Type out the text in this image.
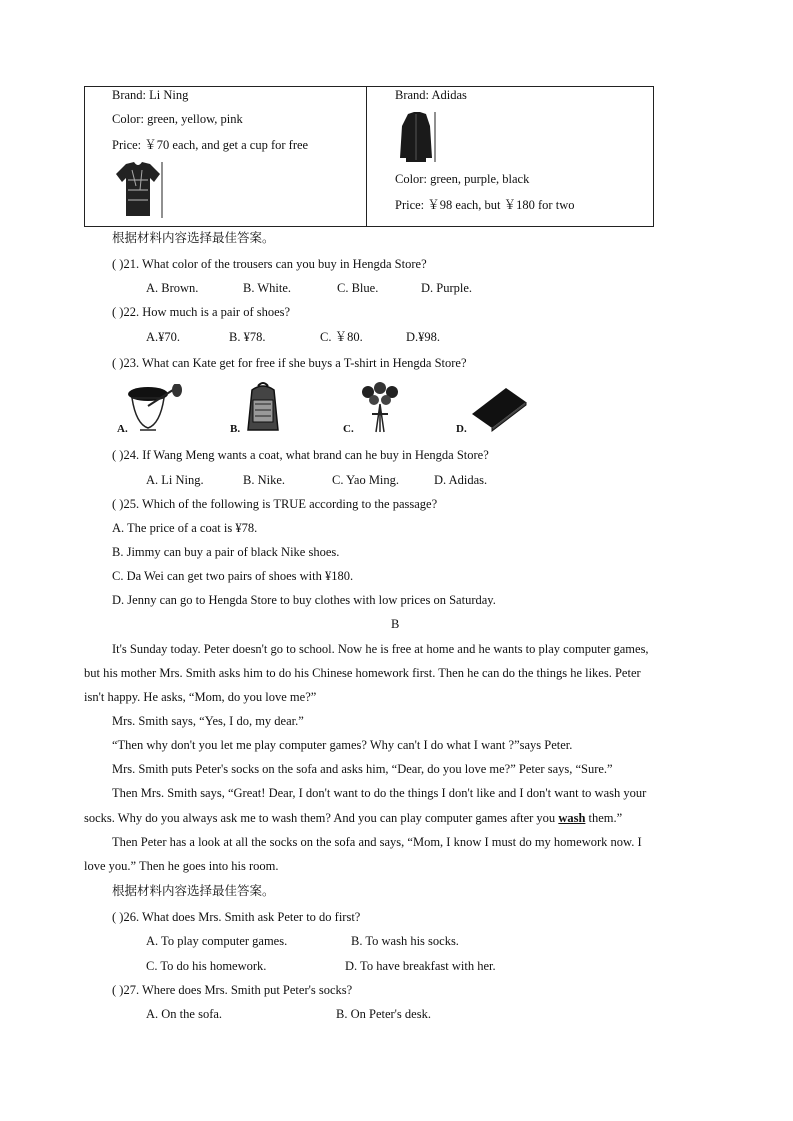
Brand: Li Ning
Color: green, yellow, pink
Price: ￥70 each, and get a cup for free
Brand: Adidas
Color: green, purple, black
Price: ￥98 each, but ￥180 for two
根据材料内容选择最佳答案。
( )21. What color of the trousers can you buy in Hengda Store?
A. Brown.	B. White.	C. Blue.	D. Purple.
( )22. How much is a pair of shoes?
A.¥70.	B. ¥78.	C. ￥80.	D.¥98.
( )23. What can Kate get for free if she buys a T-shirt in Hengda Store?
A.	B.	C.	D.
( )24. If Wang Meng wants a coat, what brand can he buy in Hengda Store?
A. Li Ning.	B. Nike.	C. Yao Ming.	D. Adidas.
( )25. Which of the following is TRUE according to the passage?
A. The price of a coat is ¥78.
B. Jimmy can buy a pair of black Nike shoes.
C. Da Wei can get two pairs of shoes with ¥180.
D. Jenny can go to Hengda Store to buy clothes with low prices on Saturday.
B
It's Sunday today. Peter doesn't go to school. Now he is free at home and he wants to play computer games,
but his mother Mrs. Smith asks him to do his Chinese homework first. Then he can do the things he likes. Peter
isn't happy. He asks, “Mom, do you love me?”
Mrs. Smith says, “Yes, I do, my dear.”
“Then why don't you let me play computer games? Why can't I do what I want ?”says Peter.
Mrs. Smith puts Peter's socks on the sofa and asks him, “Dear, do you love me?” Peter says, “Sure.”
Then Mrs. Smith says, “Great! Dear, I don't want to do the things I don't like and I don't want to wash your
socks. Why do you always ask me to wash them? And you can play computer games after you wash them.”
Then Peter has a look at all the socks on the sofa and says, “Mom, I know I must do my homework now. I
love you.” Then he goes into his room.
根据材料内容选择最佳答案。
( )26. What does Mrs. Smith ask Peter to do first?
A. To play computer games.	B. To wash his socks.
C. To do his homework.	D. To have breakfast with her.
( )27. Where does Mrs. Smith put Peter's socks?
A. On the sofa.	B. On Peter's desk.
